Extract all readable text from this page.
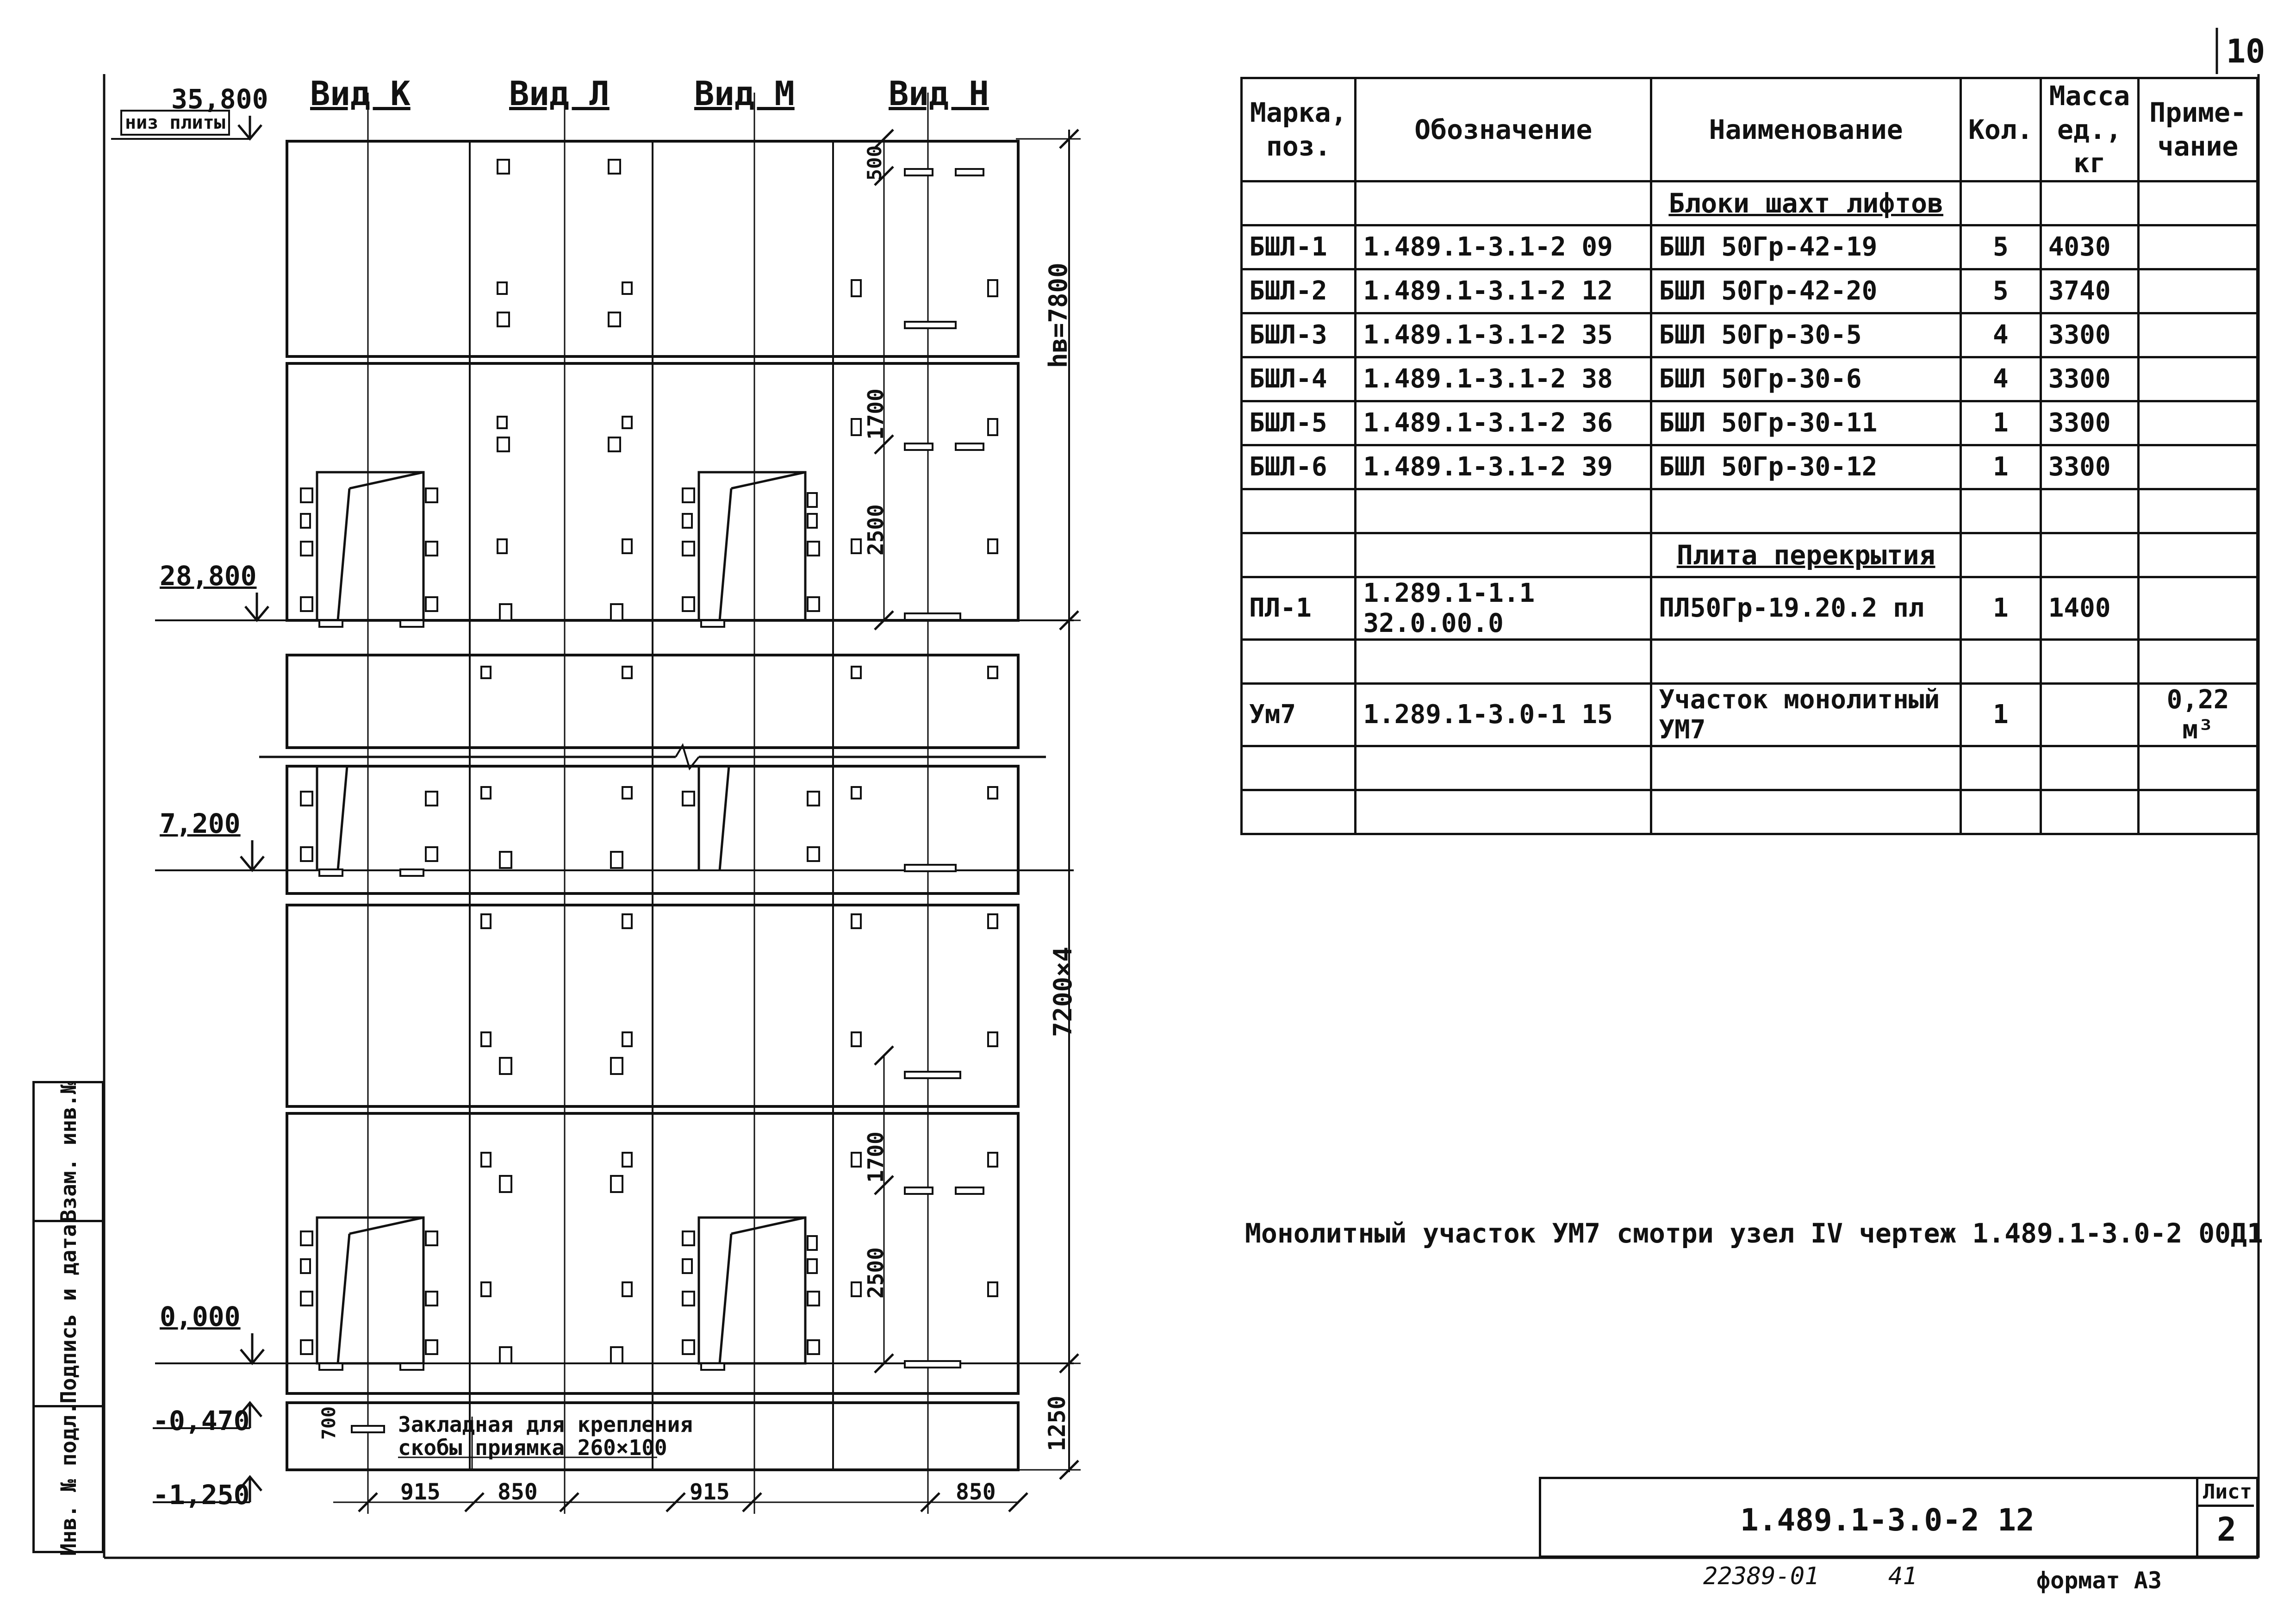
10
Вид К	Вид Л	Вид М	Вид Н
35,800
низ плиты
28,800
7,200
0,000
-0,470
-1,250
hв=7800
7200×4
500
1700
2500
1700
2500
1250
700	Закладная для крепления
скобы приямка 260×100
915	850	915	850
Марка, поз.	Обозначение	Наименование	Кол.	Масса ед., кг	Приме- чание
		Блоки шахт лифтов			
БШЛ-1	1.489.1-3.1-2 09	БШЛ 50Гр-42-19	5	4030	
БШЛ-2	1.489.1-3.1-2 12	БШЛ 50Гр-42-20	5	3740	
БШЛ-3	1.489.1-3.1-2 35	БШЛ 50Гр-30-5	4	3300	
БШЛ-4	1.489.1-3.1-2 38	БШЛ 50Гр-30-6	4	3300	
БШЛ-5	1.489.1-3.1-2 36	БШЛ 50Гр-30-11	1	3300	
БШЛ-6	1.489.1-3.1-2 39	БШЛ 50Гр-30-12	1	3300	

		Плита перекрытия			
ПЛ-1	1.289.1-1.1 32.0.00.0	ПЛ50Гр-19.20.2 пл	1	1400	

Ум7	1.289.1-3.0-1 15	Участок монолитный УМ7	1		0,22 м³

Монолитный участок УМ7 смотри узел IV чертеж 1.489.1-3.0-2 00Д1
1.489.1-3.0-2 12
Лист
2
22389-01	41	формат А3
Инв. № подл.
Подпись и дата
Взам. инв.№
